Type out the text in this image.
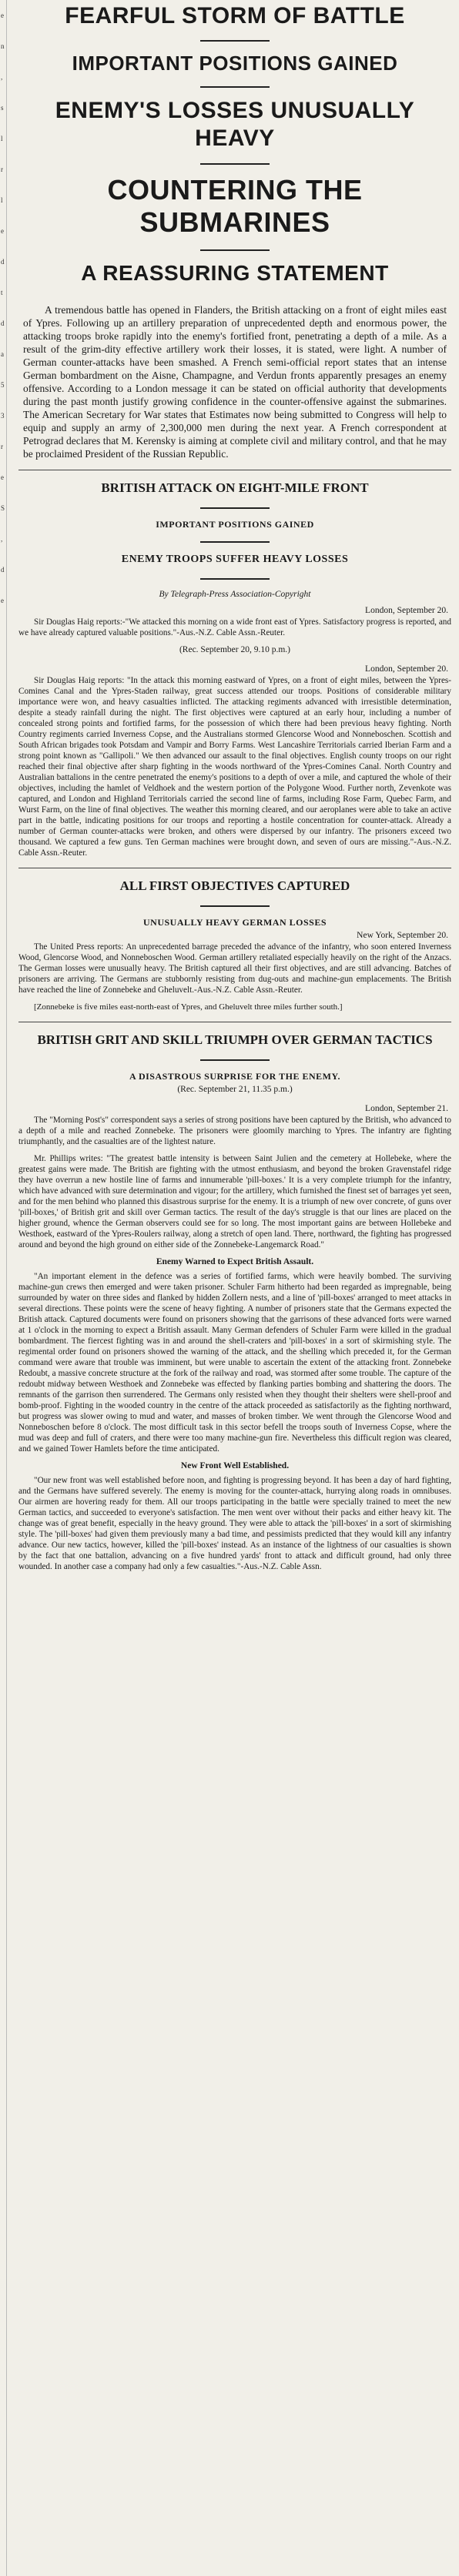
e
n
,
s
l
r
l
e
d
t
d
a
5
3
r
e
S
,
d
e
FEARFUL STORM OF BATTLE
IMPORTANT POSITIONS GAINED
ENEMY'S LOSSES UNUSUALLY HEAVY
COUNTERING THE SUBMARINES
A REASSURING STATEMENT

A tremendous battle has opened in Flanders, the British attacking on a front of eight miles east of Ypres. Following up an artillery preparation of unprecedented depth and enormous power, the attacking troops broke rapidly into the enemy's fortified front, penetrating a depth of a mile. As a result of the grim-dity effective artillery work their losses, it is stated, were light. A number of German counter-attacks have been smashed. A French semi-official report states that an intense German bombardment on the Aisne, Champagne, and Verdun fronts apparently presages an enemy offensive. According to a London message it can be stated on official authority that developments during the past month justify growing confidence in the counter-offensive against the submarines. The American Secretary for War states that Estimates now being submitted to Congress will help to equip and supply an army of 2,300,000 men during the next year. A French correspondent at Petrograd declares that M. Kerensky is aiming at complete civil and military control, and that he may be proclaimed President of the Russian Republic.

BRITISH ATTACK ON EIGHT-MILE FRONT
IMPORTANT POSITIONS GAINED
ENEMY TROOPS SUFFER HEAVY LOSSES

By Telegraph-Press Association-Copyright

London, September 20.

Sir Douglas Haig reports:-"We attacked this morning on a wide front east of Ypres. Satisfactory progress is reported, and we have already captured valuable positions."-Aus.-N.Z. Cable Assn.-Reuter.

(Rec. September 20, 9.10 p.m.)

London, September 20.

Sir Douglas Haig reports: "In the attack this morning eastward of Ypres, on a front of eight miles, between the Ypres-Comines Canal and the Ypres-Staden railway, great success attended our troops. Positions of considerable military importance were won, and heavy casualties inflicted. The attacking regiments advanced with irresistible determination, despite a steady rainfall during the night. The first objectives were captured at an early hour, including a number of concealed strong points and fortified farms, for the possession of which there had been previous heavy fighting. North Country regiments carried Inverness Copse, and the Australians stormed Glencorse Wood and Nonneboschen. Scottish and South African brigades took Potsdam and Vampir and Borry Farms. West Lancashire Territorials carried Iberian Farm and a strong point known as "Gallipoli." We then advanced our assault to the final objectives. English county troops on our right reached their final objective after sharp fighting in the woods northward of the Ypres-Comines Canal. North Country and Australian battalions in the centre penetrated the enemy's positions to a depth of over a mile, and captured the whole of their objectives, including the hamlet of Veldhoek and the western portion of the Polygone Wood. Further north, Zevenkote was captured, and London and Highland Territorials carried the second line of farms, including Rose Farm, Quebec Farm, and Wurst Farm, on the line of final objectives. The weather this morning cleared, and our aeroplanes were able to take an active part in the battle, indicating positions for our troops and reporting a hostile concentration for counter-attack. Already a number of German counter-attacks were broken, and others were dispersed by our infantry. The prisoners exceed two thousand. We captured a few guns. Ten German machines were brought down, and seven of ours are missing."-Aus.-N.Z. Cable Assn.-Reuter.

ALL FIRST OBJECTIVES CAPTURED
UNUSUALLY HEAVY GERMAN LOSSES

New York, September 20.

The United Press reports: An unprecedented barrage preceded the advance of the infantry, who soon entered Inverness Wood, Glencorse Wood, and Nonneboschen Wood. German artillery retaliated especially heavily on the right of the Anzacs. The German losses were unusually heavy. The British captured all their first objectives, and are still advancing. Batches of prisoners are arriving. The Germans are stubbornly resisting from dug-outs and machine-gun emplacements. The British have reached the line of Zonnebeke and Gheluvelt.-Aus.-N.Z. Cable Assn.-Reuter.

[Zonnebeke is five miles east-north-east of Ypres, and Gheluvelt three miles further south.]

BRITISH GRIT AND SKILL TRIUMPH OVER GERMAN TACTICS
A DISASTROUS SURPRISE FOR THE ENEMY.

(Rec. September 21, 11.35 p.m.)

London, September 21.

The "Morning Post's" correspondent says a series of strong positions have been captured by the British, who advanced to a depth of a mile and reached Zonnebeke. The prisoners were gloomily marching to Ypres. The infantry are fighting triumphantly, and the casualties are of the lightest nature.

Mr. Phillips writes: "The greatest battle intensity is between Saint Julien and the cemetery at Hollebeke, where the greatest gains were made. The British are fighting with the utmost enthusiasm, and beyond the broken Gravenstafel ridge they have overrun a new hostile line of farms and innumerable 'pill-boxes.' It is a very complete triumph for the infantry, which have advanced with sure determination and vigour; for the artillery, which furnished the finest set of barrages yet seen, and for the men behind who planned this disastrous surprise for the enemy. It is a triumph of new over concrete, of guns over 'pill-boxes,' of British grit and skill over German tactics. The result of the day's struggle is that our lines are placed on the higher ground, whence the German observers could see for so long. The most important gains are between Hollebeke and Westhoek, eastward of the Ypres-Roulers railway, along a stretch of open land. There, northward, the fighting has progressed around and beyond the high ground on either side of the Zonnebeke-Langemarck Road."

Enemy Warned to Expect British Assault.

"An important element in the defence was a series of fortified farms, which were heavily bombed. The surviving machine-gun crews then emerged and were taken prisoner. Schuler Farm hitherto had been regarded as impregnable, being surrounded by water on three sides and flanked by hidden Zollern nests, and a line of 'pill-boxes' arranged to meet attacks in several directions. These points were the scene of heavy fighting. A number of prisoners state that the Germans expected the British attack. Captured documents were found on prisoners showing that the garrisons of these advanced forts were warned at 1 o'clock in the morning to expect a British assault. Many German defenders of Schuler Farm were killed in the gradual bombardment. The fiercest fighting was in and around the shell-craters and 'pill-boxes' in a sort of skirmishing style. The regimental order found on prisoners showed the warning of the attack, and the shelling which preceded it, for the German command were aware that trouble was imminent, but were unable to ascertain the extent of the attacking front. Zonnebeke Redoubt, a massive concrete structure at the fork of the railway and road, was stormed after some trouble. The capture of the redoubt midway between Westhoek and Zonnebeke was effected by flanking parties bombing and shattering the doors. The remnants of the garrison then surrendered. The Germans only resisted when they thought their shelters were shell-proof and bomb-proof. Fighting in the wooded country in the centre of the attack proceeded as satisfactorily as the fighting northward, but progress was slower owing to mud and water, and masses of broken timber. We went through the Glencorse Wood and Nonneboschen before 8 o'clock. The most difficult task in this sector befell the troops south of Inverness Copse, where the mud was deep and full of craters, and there were too many machine-gun fire. Nevertheless this difficult region was cleared, and we gained Tower Hamlets before the time anticipated.

New Front Well Established.

"Our new front was well established before noon, and fighting is progressing beyond. It has been a day of hard fighting, and the Germans have suffered severely. The enemy is moving for the counter-attack, hurrying along roads in omnibuses. Our airmen are hovering ready for them. All our troops participating in the battle were specially trained to meet the new German tactics, and succeeded to everyone's satisfaction. The men went over without their packs and either heavy kit. The change was of great benefit, especially in the heavy ground. They were able to attack the 'pill-boxes' in a sort of skirmishing style. The 'pill-boxes' had given them previously many a bad time, and pessimists predicted that they would kill any infantry advance. Our new tactics, however, killed the 'pill-boxes' instead. As an instance of the lightness of our casualties is shown by the fact that one battalion, advancing on a five hundred yards' front to attack and difficult ground, had only three wounded. In another case a company had only a few casualties."-Aus.-N.Z. Cable Assn.
